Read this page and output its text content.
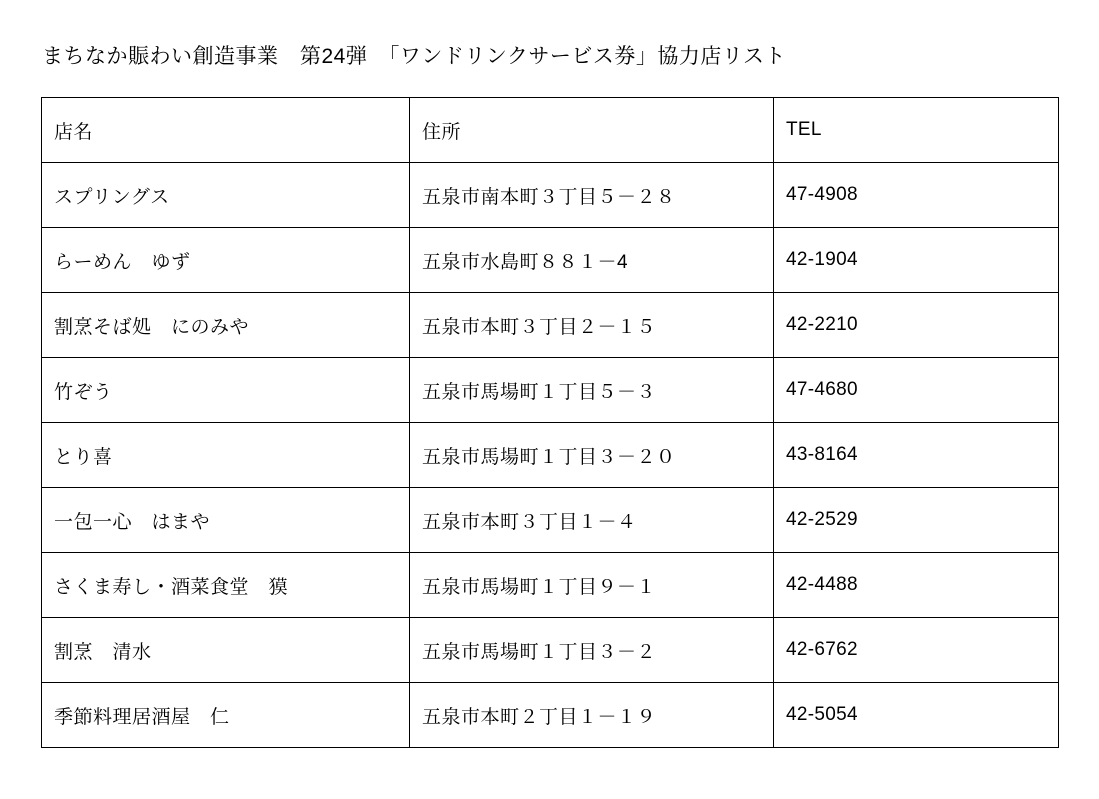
まちなか賑わい創造事業　第24弾　「ワンドリンクサービス券」協力店リスト
店名	住所	TEL
スプリングス	五泉市南本町３丁目５－２８	47-4908
らーめん　ゆず	五泉市水島町８８１－4	42-1904
割烹そば処　にのみや	五泉市本町３丁目２－１５	42-2210
竹ぞう	五泉市馬場町１丁目５－３	47-4680
とり喜	五泉市馬場町１丁目３－２０	43-8164
一包一心　はまや	五泉市本町３丁目１－４	42-2529
さくま寿し・酒菜食堂　獏	五泉市馬場町１丁目９－１	42-4488
割烹　清水	五泉市馬場町１丁目３－２	42-6762
季節料理居酒屋　仁	五泉市本町２丁目１－１９	42-5054
